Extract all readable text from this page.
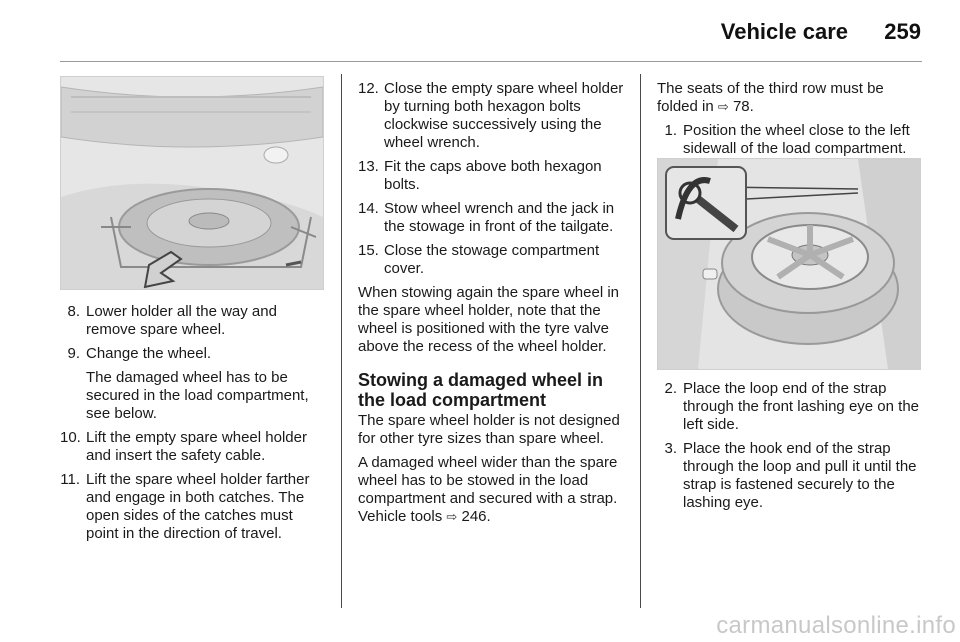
Vehicle care	259
8. Lower holder all the way and remove spare wheel.
9. Change the wheel.

The damaged wheel has to be secured in the load compartment, see below.

10. Lift the empty spare wheel holder and insert the safety cable.
11. Lift the spare wheel holder farther and engage in both catches. The open sides of the catches must point in the direction of travel.
12. Close the empty spare wheel holder by turning both hexagon bolts clockwise successively using the wheel wrench.
13. Fit the caps above both hexagon bolts.
14. Stow wheel wrench and the jack in the stowage in front of the tailgate.
15. Close the stowage compartment cover.

When stowing again the spare wheel in the spare wheel holder, note that the wheel is positioned with the tyre valve above the recess of the wheel holder.

Stowing a damaged wheel in the load compartment

The spare wheel holder is not designed for other tyre sizes than spare wheel.

A damaged wheel wider than the spare wheel has to be stowed in the load compartment and secured with a strap. Vehicle tools ⇨ 246.

The seats of the third row must be folded in ⇨ 78.

1. Position the wheel close to the left sidewall of the load compartment.
2. Place the loop end of the strap through the front lashing eye on the left side.
3. Place the hook end of the strap through the loop and pull it until the strap is fastened securely to the lashing eye.
carmanualsonline.info
